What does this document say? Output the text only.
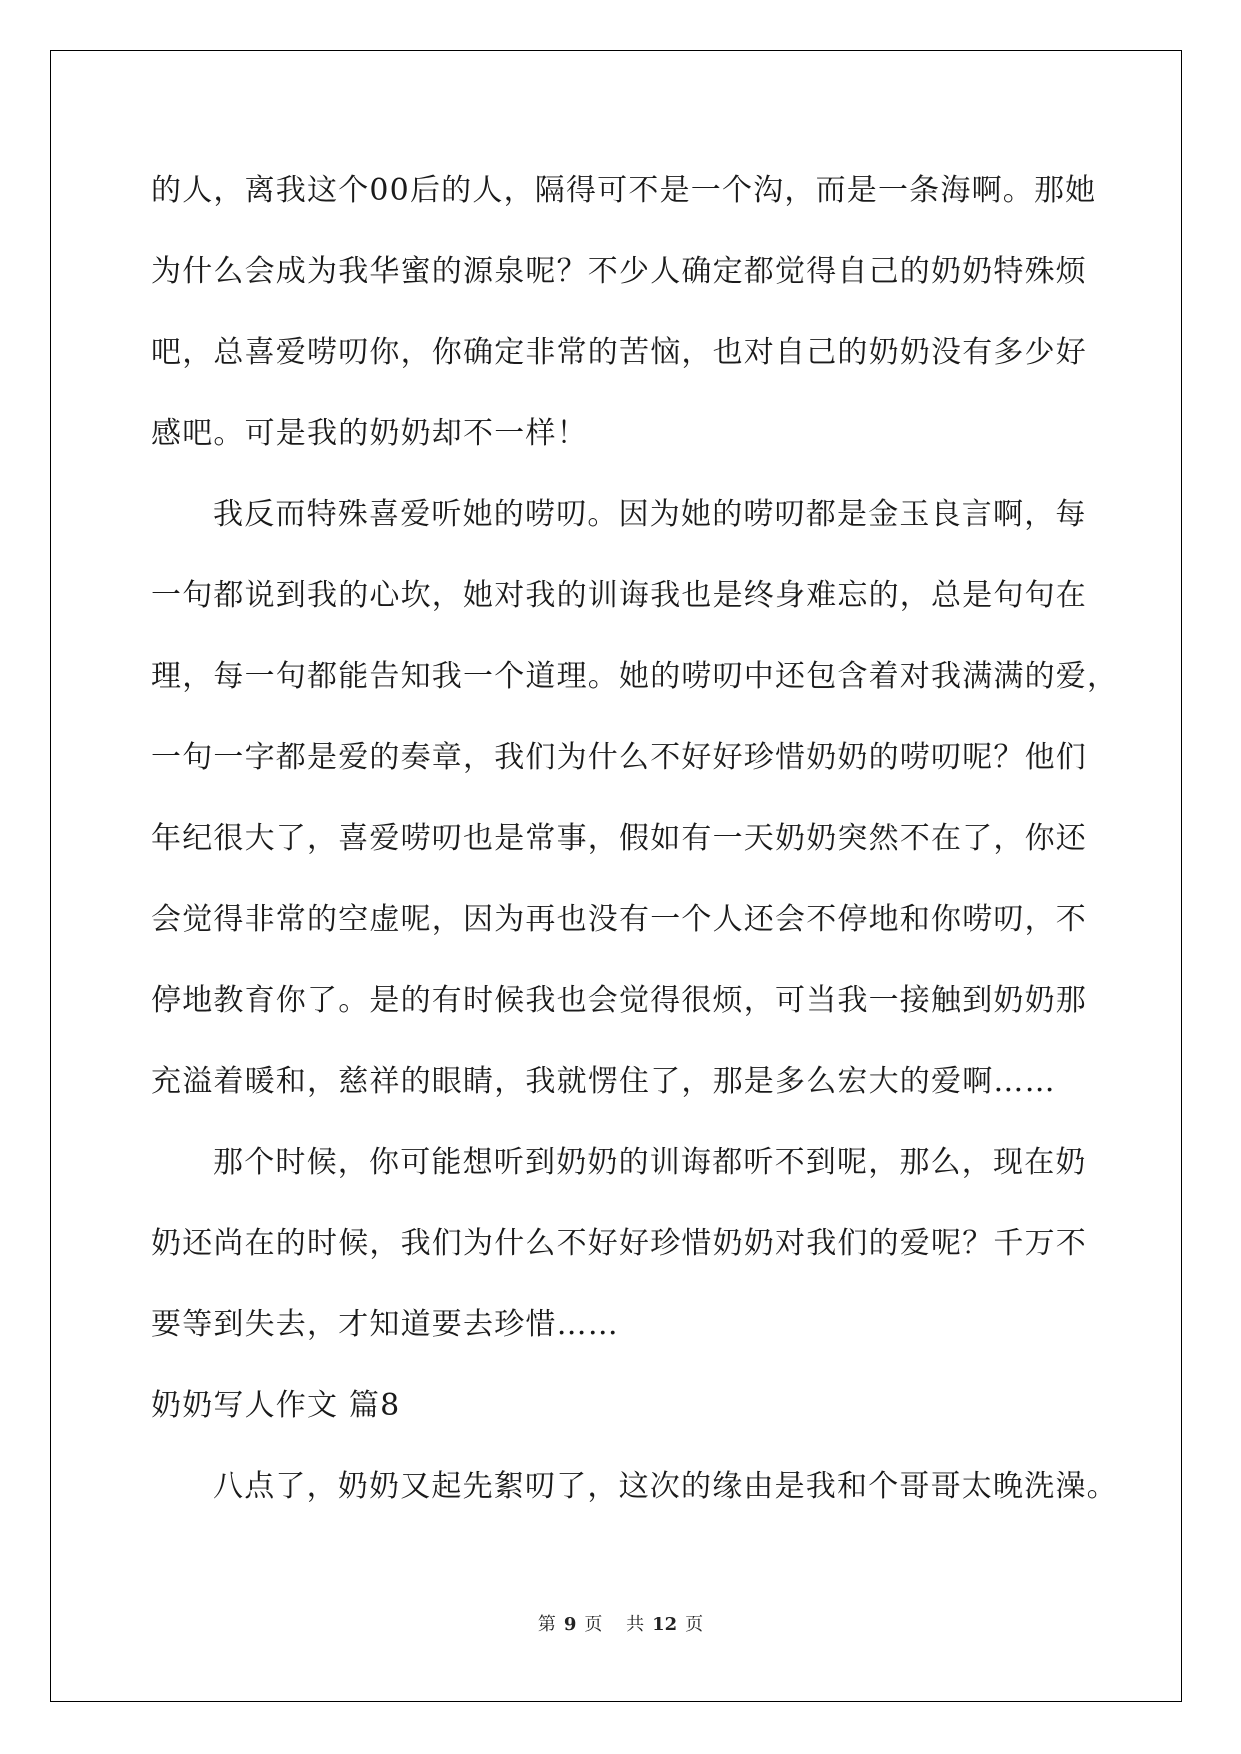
的人，离我这个00后的人，隔得可不是一个沟，而是一条海啊。那她
为什么会成为我华蜜的源泉呢？不少人确定都觉得自己的奶奶特殊烦
吧，总喜爱唠叨你，你确定非常的苦恼，也对自己的奶奶没有多少好
感吧。可是我的奶奶却不一样！
我反而特殊喜爱听她的唠叨。因为她的唠叨都是金玉良言啊，每
一句都说到我的心坎，她对我的训诲我也是终身难忘的，总是句句在
理，每一句都能告知我一个道理。她的唠叨中还包含着对我满满的爱，
一句一字都是爱的奏章，我们为什么不好好珍惜奶奶的唠叨呢？他们
年纪很大了，喜爱唠叨也是常事，假如有一天奶奶突然不在了，你还
会觉得非常的空虚呢，因为再也没有一个人还会不停地和你唠叨，不
停地教育你了。是的有时候我也会觉得很烦，可当我一接触到奶奶那
充溢着暖和，慈祥的眼睛，我就愣住了，那是多么宏大的爱啊……
那个时候，你可能想听到奶奶的训诲都听不到呢，那么，现在奶
奶还尚在的时候，我们为什么不好好珍惜奶奶对我们的爱呢？千万不
要等到失去，才知道要去珍惜……
奶奶写人作文 篇8
八点了，奶奶又起先絮叨了，这次的缘由是我和个哥哥太晚洗澡。
第 9 页 共 12 页
